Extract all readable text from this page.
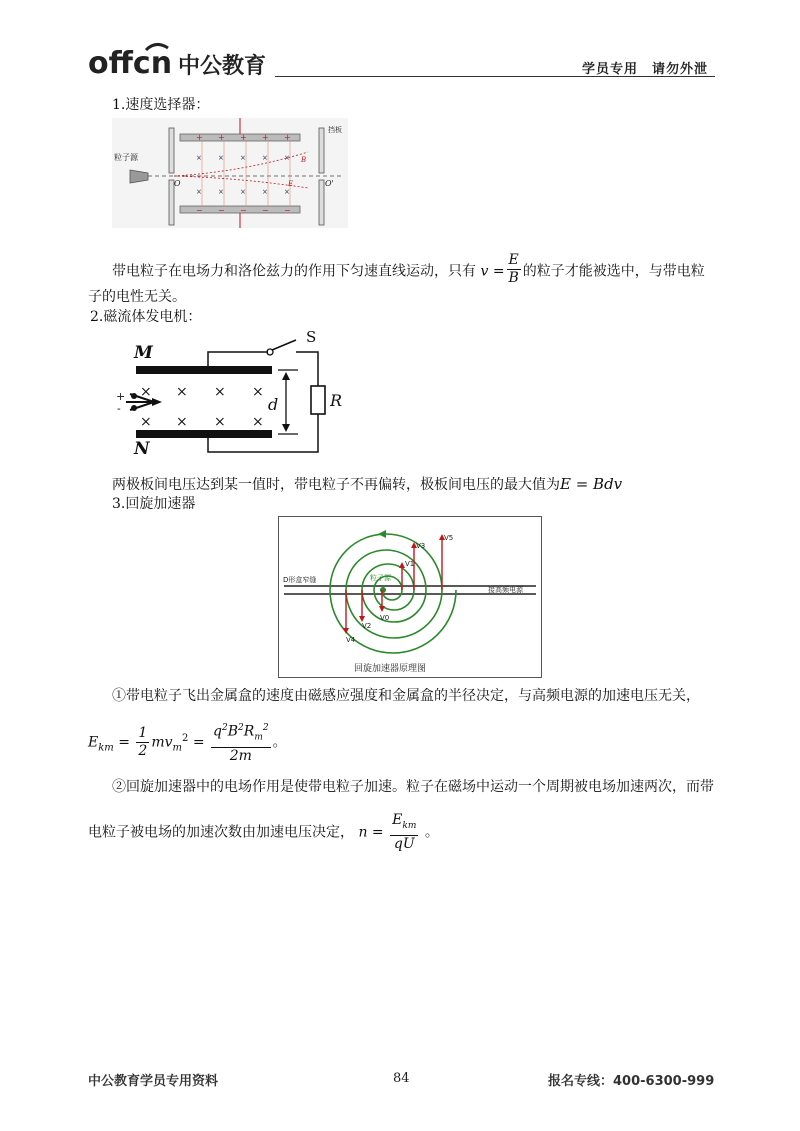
offcn 中公教育	学员专用　请勿外泄
1.速度选择器：
+ + + + +
− − − − −
× × × × ×
× × × × ×
粒子源
挡板
O	O'
B
E
带电粒子在电场力和洛伦兹力的作用下匀速直线运动，只有 $v = \frac{E}{B}$ 的粒子才能被选中，与带电粒
子的电性无关。
2.磁流体发电机：
M
N
S
R
d
+
-
× × × ×
× × ×
×
两极板间电压达到某一值时，带电粒子不再偏转，极板间电压的最大值为E = Bdv
3.回旋加速器
D形盒窄缝
接高频电源
粒子源
V0
V1
V2
V3
V4
V5
回旋加速器原理图
①带电粒子飞出金属盒的速度由磁感应强度和金属盒的半径决定，与高频电源的加速电压无关，
$E_{km} = \frac{1}{2} mv_m^2 = \frac{q^2B^2R_m^2}{2m}$ 。
②回旋加速器中的电场作用是使带电粒子加速。粒子在磁场中运动一个周期被电场加速两次，而带
电粒子被电场的加速次数由加速电压决定， $n = \frac{E_{km}}{qU}$ 。
中公教育学员专用资料	84	报名专线：400-6300-999
